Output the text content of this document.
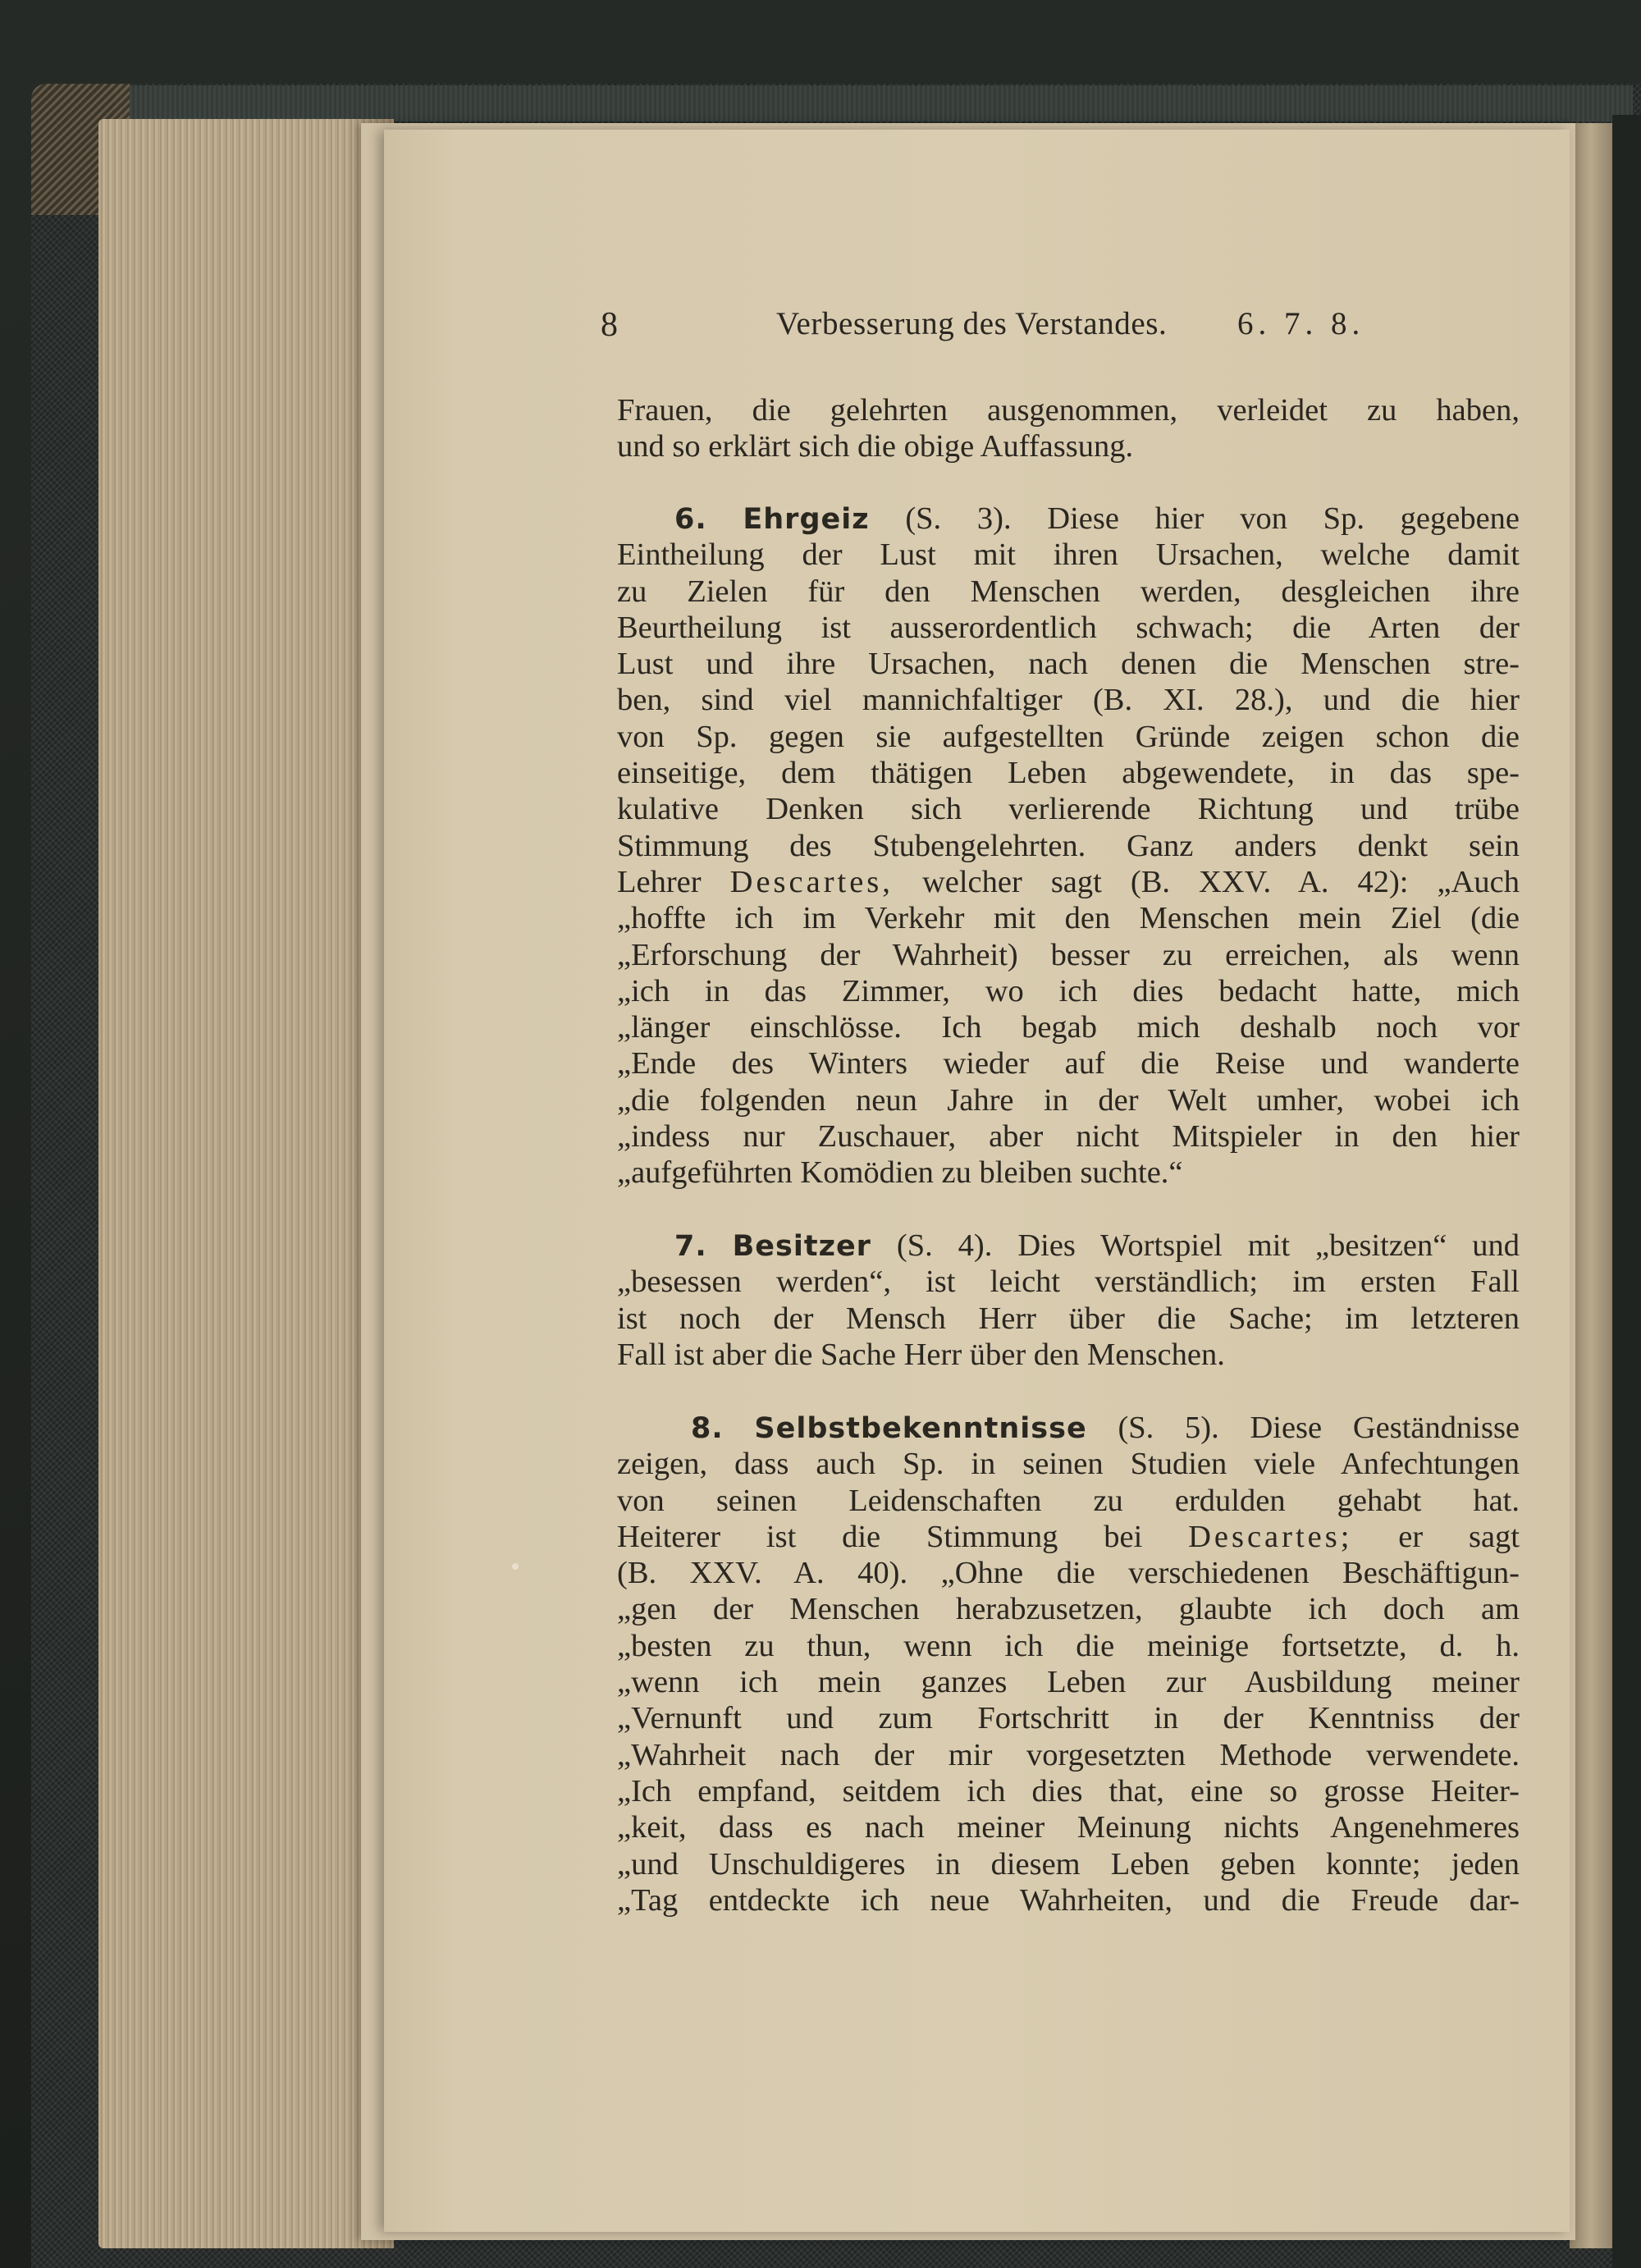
8	Verbesserung des Verstandes. 6. 7. 8.
Frauen, die gelehrten ausgenommen, verleidet zu haben,
und so erklärt sich die obige Auffassung.
6. Ehrgeiz (S. 3). Diese hier von Sp. gegebene
Eintheilung der Lust mit ihren Ursachen, welche damit
zu Zielen für den Menschen werden, desgleichen ihre
Beurtheilung ist ausserordentlich schwach; die Arten der
Lust und ihre Ursachen, nach denen die Menschen stre-
ben, sind viel mannichfaltiger (B. XI. 28.), und die hier
von Sp. gegen sie aufgestellten Gründe zeigen schon die
einseitige, dem thätigen Leben abgewendete, in das spe-
kulative Denken sich verlierende Richtung und trübe
Stimmung des Stubengelehrten. Ganz anders denkt sein
Lehrer Descartes, welcher sagt (B. XXV. A. 42): „Auch
„hoffte ich im Verkehr mit den Menschen mein Ziel (die
„Erforschung der Wahrheit) besser zu erreichen, als wenn
„ich in das Zimmer, wo ich dies bedacht hatte, mich
„länger einschlösse. Ich begab mich deshalb noch vor
„Ende des Winters wieder auf die Reise und wanderte
„die folgenden neun Jahre in der Welt umher, wobei ich
„indess nur Zuschauer, aber nicht Mitspieler in den hier
„aufgeführten Komödien zu bleiben suchte.“
7. Besitzer (S. 4). Dies Wortspiel mit „besitzen“ und
„besessen werden“, ist leicht verständlich; im ersten Fall
ist noch der Mensch Herr über die Sache; im letzteren
Fall ist aber die Sache Herr über den Menschen.
8. Selbstbekenntnisse (S. 5). Diese Geständnisse
zeigen, dass auch Sp. in seinen Studien viele Anfechtungen
von seinen Leidenschaften zu erdulden gehabt hat.
Heiterer ist die Stimmung bei Descartes; er sagt
(B. XXV. A. 40). „Ohne die verschiedenen Beschäftigun-
„gen der Menschen herabzusetzen, glaubte ich doch am
„besten zu thun, wenn ich die meinige fortsetzte, d. h.
„wenn ich mein ganzes Leben zur Ausbildung meiner
„Vernunft und zum Fortschritt in der Kenntniss der
„Wahrheit nach der mir vorgesetzten Methode verwendete.
„Ich empfand, seitdem ich dies that, eine so grosse Heiter-
„keit, dass es nach meiner Meinung nichts Angenehmeres
„und Unschuldigeres in diesem Leben geben konnte; jeden
„Tag entdeckte ich neue Wahrheiten, und die Freude dar-
